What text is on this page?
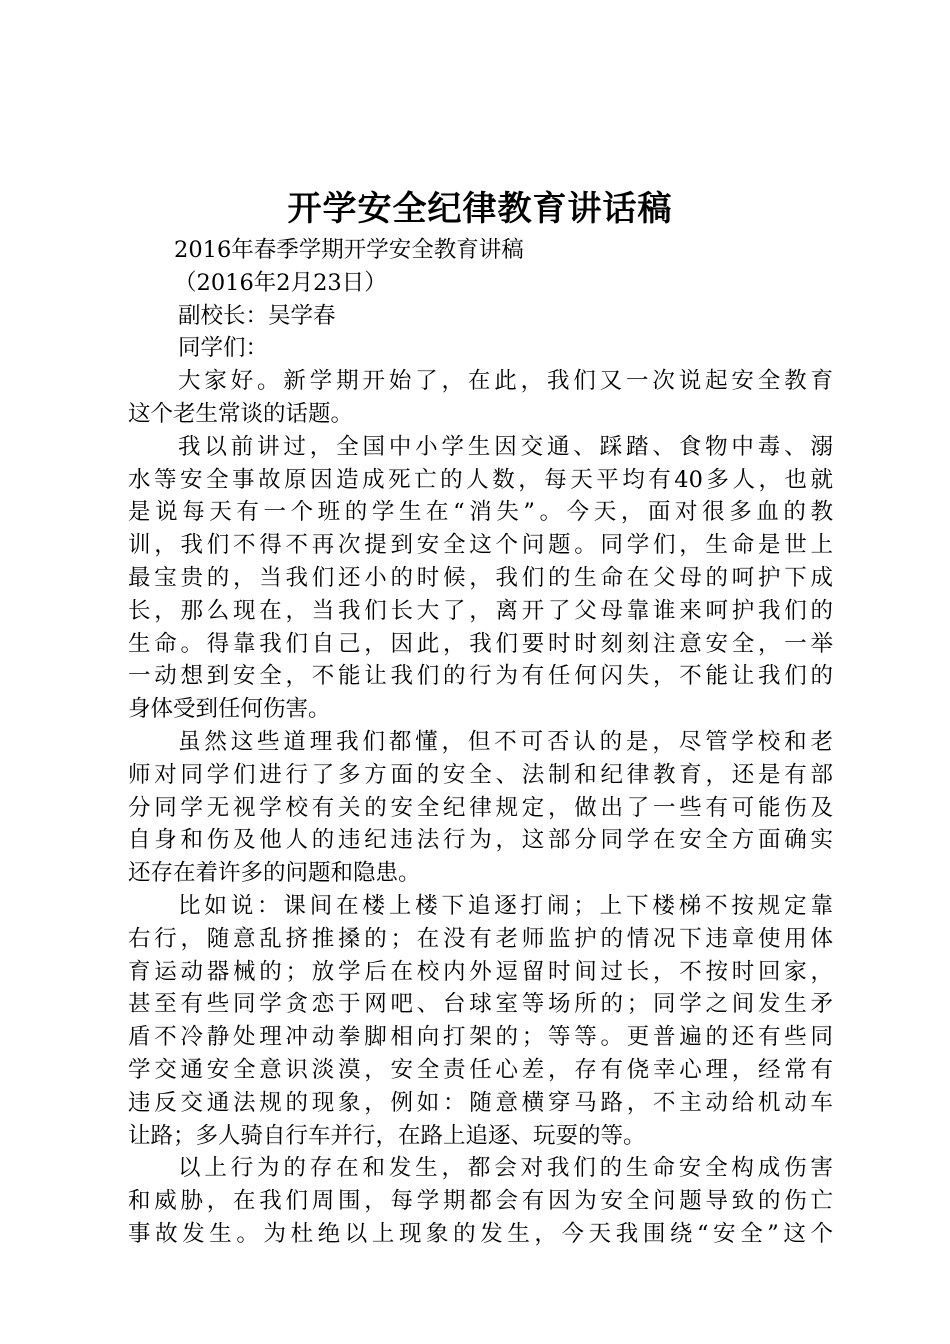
开学安全纪律教育讲话稿
2016年春季学期开学安全教育讲稿
（2016年2月23日）
副校长：吴学春
同学们：
大家好。新学期开始了，在此，我们又一次说起安全教育
这个老生常谈的话题。
我以前讲过，全国中小学生因交通、踩踏、食物中毒、溺
水等安全事故原因造成死亡的人数，每天平均有40多人，也就
是说每天有一个班的学生在“消失”。今天，面对很多血的教
训，我们不得不再次提到安全这个问题。同学们，生命是世上
最宝贵的，当我们还小的时候，我们的生命在父母的呵护下成
长，那么现在，当我们长大了，离开了父母靠谁来呵护我们的
生命。得靠我们自己，因此，我们要时时刻刻注意安全，一举
一动想到安全，不能让我们的行为有任何闪失，不能让我们的
身体受到任何伤害。
虽然这些道理我们都懂，但不可否认的是，尽管学校和老
师对同学们进行了多方面的安全、法制和纪律教育，还是有部
分同学无视学校有关的安全纪律规定，做出了一些有可能伤及
自身和伤及他人的违纪违法行为，这部分同学在安全方面确实
还存在着许多的问题和隐患。
比如说：课间在楼上楼下追逐打闹；上下楼梯不按规定靠
右行，随意乱挤推搡的；在没有老师监护的情况下违章使用体
育运动器械的；放学后在校内外逗留时间过长，不按时回家，
甚至有些同学贪恋于网吧、台球室等场所的；同学之间发生矛
盾不冷静处理冲动拳脚相向打架的；等等。更普遍的还有些同
学交通安全意识淡漠，安全责任心差，存有侥幸心理，经常有
违反交通法规的现象，例如：随意横穿马路，不主动给机动车
让路；多人骑自行车并行，在路上追逐、玩耍的等。
以上行为的存在和发生，都会对我们的生命安全构成伤害
和威胁，在我们周围，每学期都会有因为安全问题导致的伤亡
事故发生。为杜绝以上现象的发生，今天我围绕“安全”这个
